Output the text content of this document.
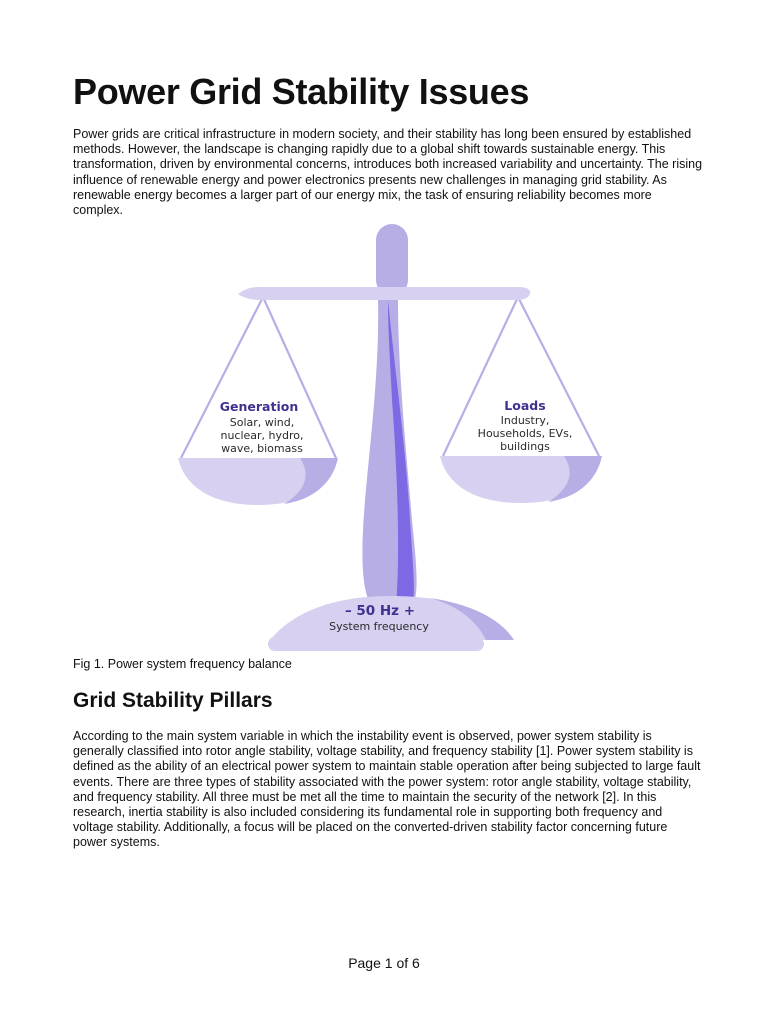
Power Grid Stability Issues

Power grids are critical infrastructure in modern society, and their stability has long been ensured by established methods. However, the landscape is changing rapidly due to a global shift towards sustainable energy. This transformation, driven by environmental concerns, introduces both increased variability and uncertainty. The rising influence of renewable energy and power electronics presents new challenges in managing grid stability. As renewable energy becomes a larger part of our energy mix, the task of ensuring reliability becomes more complex.

Generation
Solar, wind,
nuclear, hydro,
wave, biomass
Loads
Industry,
Households, EVs,
buildings
– 50 Hz +
System frequency
Fig 1. Power system frequency balance
Grid Stability Pillars

According to the main system variable in which the instability event is observed, power system stability is generally classified into rotor angle stability, voltage stability, and frequency stability [1]. Power system stability is defined as the ability of an electrical power system to maintain stable operation after being subjected to large fault events. There are three types of stability associated with the power system: rotor angle stability, voltage stability, and frequency stability. All three must be met all the time to maintain the security of the network [2]. In this research, inertia stability is also included considering its fundamental role in supporting both frequency and voltage stability. Additionally, a focus will be placed on the converted-driven stability factor concerning future power systems.

Page 1 of 6
